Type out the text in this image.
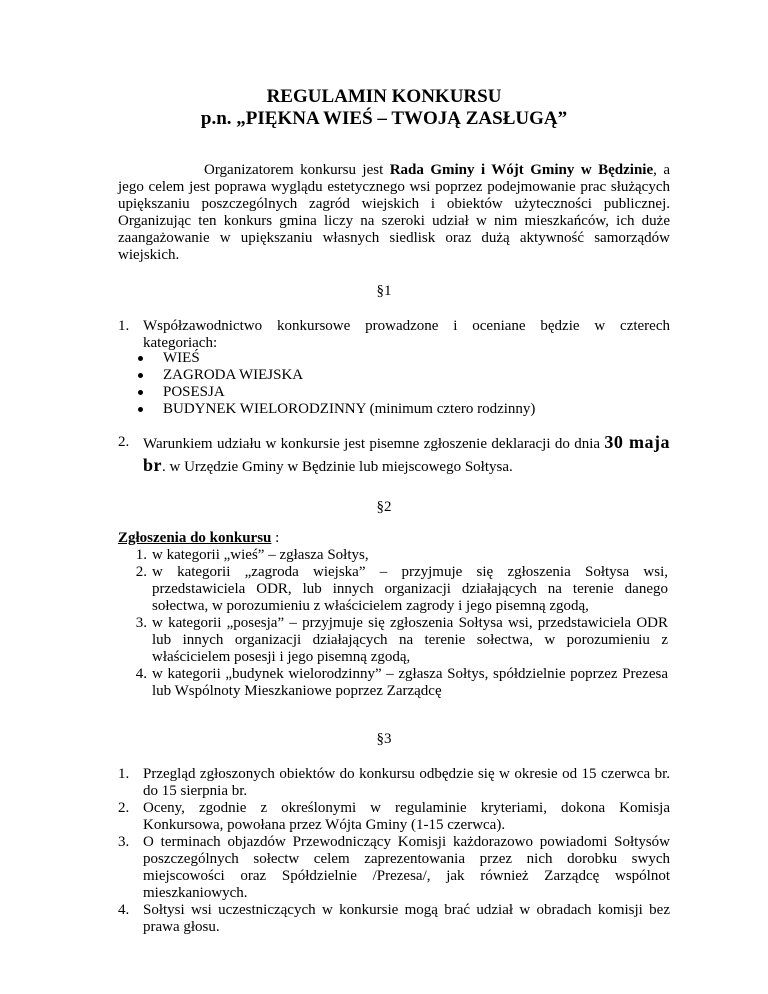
REGULAMIN KONKURSU
p.n. „PIĘKNA WIEŚ – TWOJĄ ZASŁUGĄ”

Organizatorem konkursu jest Rada Gminy i Wójt Gminy w Będzinie, a jego celem jest poprawa wyglądu estetycznego wsi poprzez podejmowanie prac służących upiększaniu poszczególnych zagród wiejskich i obiektów użyteczności publicznej. Organizując ten konkurs gmina liczy na szeroki udział w nim mieszkańców, ich duże zaangażowanie w upiększaniu własnych siedlisk oraz dużą aktywność samorządów wiejskich.

§1
1. Współzawodnictwo konkursowe prowadzone i oceniane będzie w czterech kategoriach:
WIEŚ
ZAGRODA WIEJSKA
POSESJA
BUDYNEK WIELORODZINNY (minimum cztero rodzinny)
2. Warunkiem udziału w konkursie jest pisemne zgłoszenie deklaracji do dnia 30 maja br. w Urzędzie Gminy w Będzinie lub miejscowego Sołtysa.
§2
Zgłoszenia do konkursu :
1. w kategorii „wieś” – zgłasza Sołtys,
2. w kategorii „zagroda wiejska” – przyjmuje się zgłoszenia Sołtysa wsi, przedstawiciela ODR, lub innych organizacji działających na terenie danego sołectwa, w porozumieniu z właścicielem zagrody i jego pisemną zgodą,
3. w kategorii „posesja” – przyjmuje się zgłoszenia Sołtysa wsi, przedstawiciela ODR lub innych organizacji działających na terenie sołectwa, w porozumieniu z właścicielem posesji i jego pisemną zgodą,
4. w kategorii „budynek wielorodzinny” – zgłasza Sołtys, spółdzielnie poprzez Prezesa lub Wspólnoty Mieszkaniowe poprzez Zarządcę
§3
1. Przegląd zgłoszonych obiektów do konkursu odbędzie się w okresie od 15 czerwca br. do 15 sierpnia br.
2. Oceny, zgodnie z określonymi w regulaminie kryteriami, dokona Komisja Konkursowa, powołana przez Wójta Gminy (1-15 czerwca).
3. O terminach objazdów Przewodniczący Komisji każdorazowo powiadomi Sołtysów poszczególnych sołectw celem zaprezentowania przez nich dorobku swych miejscowości oraz Spółdzielnie /Prezesa/, jak również Zarządcę wspólnot mieszkaniowych.
4. Sołtysi wsi uczestniczących w konkursie mogą brać udział w obradach komisji bez prawa głosu.
